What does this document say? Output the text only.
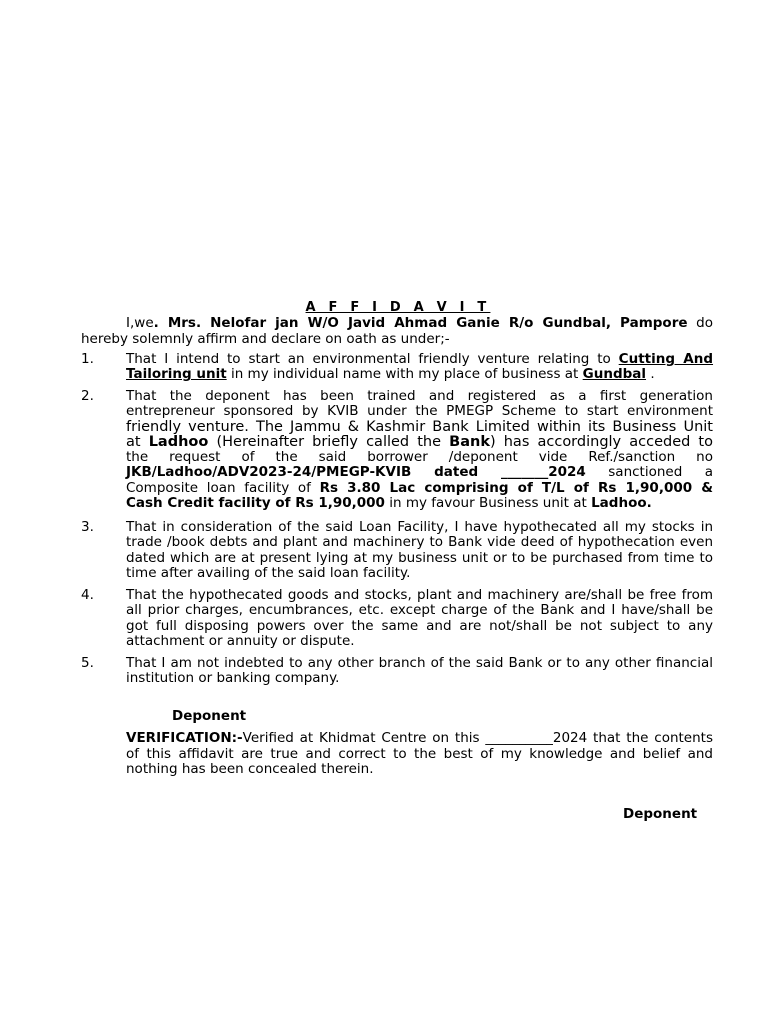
A F F I D A V I T
I,we. Mrs. Nelofar jan W/O Javid Ahmad Ganie R/o Gundbal, Pampore do
hereby solemnly affirm and declare on oath as under;-
1. That I intend to start an environmental friendly venture relating to Cutting And
Tailoring unit in my individual name with my place of business at Gundbal .
2. That the deponent has been trained and registered as a first generation
entrepreneur sponsored by KVIB under the PMEGP Scheme to start environment
friendly venture. The Jammu & Kashmir Bank Limited within its Business Unit
at Ladhoo (Hereinafter briefly called the Bank) has accordingly acceded to
the request of the said borrower /deponent vide Ref./sanction no
JKB/Ladhoo/ADV2023-24/PMEGP-KVIB dated _______2024 sanctioned a
Composite loan facility of Rs 3.80 Lac comprising of T/L of Rs 1,90,000 &
Cash Credit facility of Rs 1,90,000 in my favour Business unit at Ladhoo.
3. That in consideration of the said Loan Facility, I have hypothecated all my stocks in trade /book debts and plant and machinery to Bank vide deed of hypothecation even dated which are at present lying at my business unit or to be purchased from time to time after availing of the said loan facility.
4. That the hypothecated goods and stocks, plant and machinery are/shall be free from all prior charges, encumbrances, etc. except charge of the Bank and I have/shall be got full disposing powers over the same and are not/shall be not subject to any attachment or annuity or dispute.
5. That I am not indebted to any other branch of the said Bank or to any other financial institution or banking company.
Deponent
VERIFICATION:-Verified at Khidmat Centre on this __________2024 that the contents of this affidavit are true and correct to the best of my knowledge and belief and nothing has been concealed therein.
Deponent
